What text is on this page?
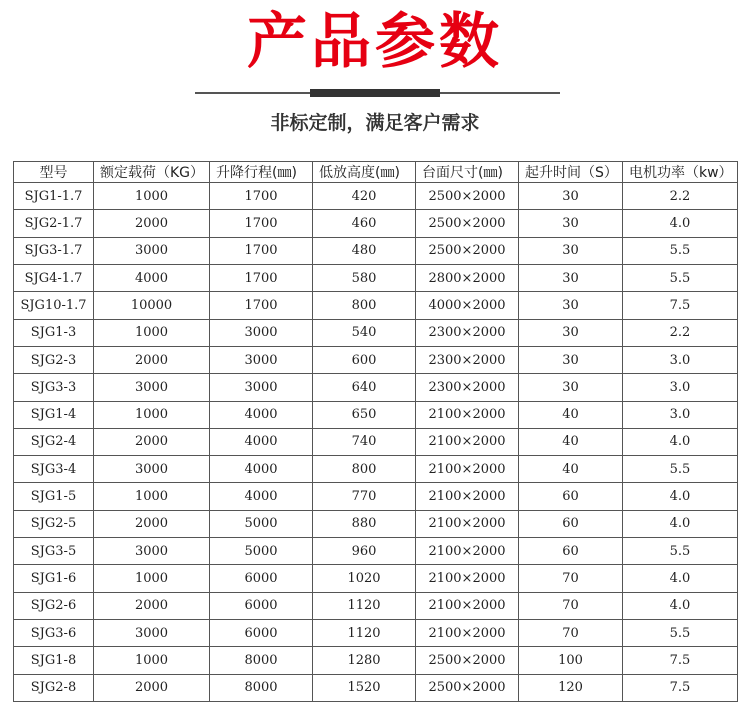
产品参数
非标定制，满足客户需求
型号	额定载荷（KG）	升降行程(㎜)	低放高度(㎜)	台面尺寸(㎜)	起升时间（S）	电机功率（kw）
SJG1-1.7	1000	1700	420	2500×2000	30	2.2
SJG2-1.7	2000	1700	460	2500×2000	30	4.0
SJG3-1.7	3000	1700	480	2500×2000	30	5.5
SJG4-1.7	4000	1700	580	2800×2000	30	5.5
SJG10-1.7	10000	1700	800	4000×2000	30	7.5
SJG1-3	1000	3000	540	2300×2000	30	2.2
SJG2-3	2000	3000	600	2300×2000	30	3.0
SJG3-3	3000	3000	640	2300×2000	30	3.0
SJG1-4	1000	4000	650	2100×2000	40	3.0
SJG2-4	2000	4000	740	2100×2000	40	4.0
SJG3-4	3000	4000	800	2100×2000	40	5.5
SJG1-5	1000	4000	770	2100×2000	60	4.0
SJG2-5	2000	5000	880	2100×2000	60	4.0
SJG3-5	3000	5000	960	2100×2000	60	5.5
SJG1-6	1000	6000	1020	2100×2000	70	4.0
SJG2-6	2000	6000	1120	2100×2000	70	4.0
SJG3-6	3000	6000	1120	2100×2000	70	5.5
SJG1-8	1000	8000	1280	2500×2000	100	7.5
SJG2-8	2000	8000	1520	2500×2000	120	7.5
